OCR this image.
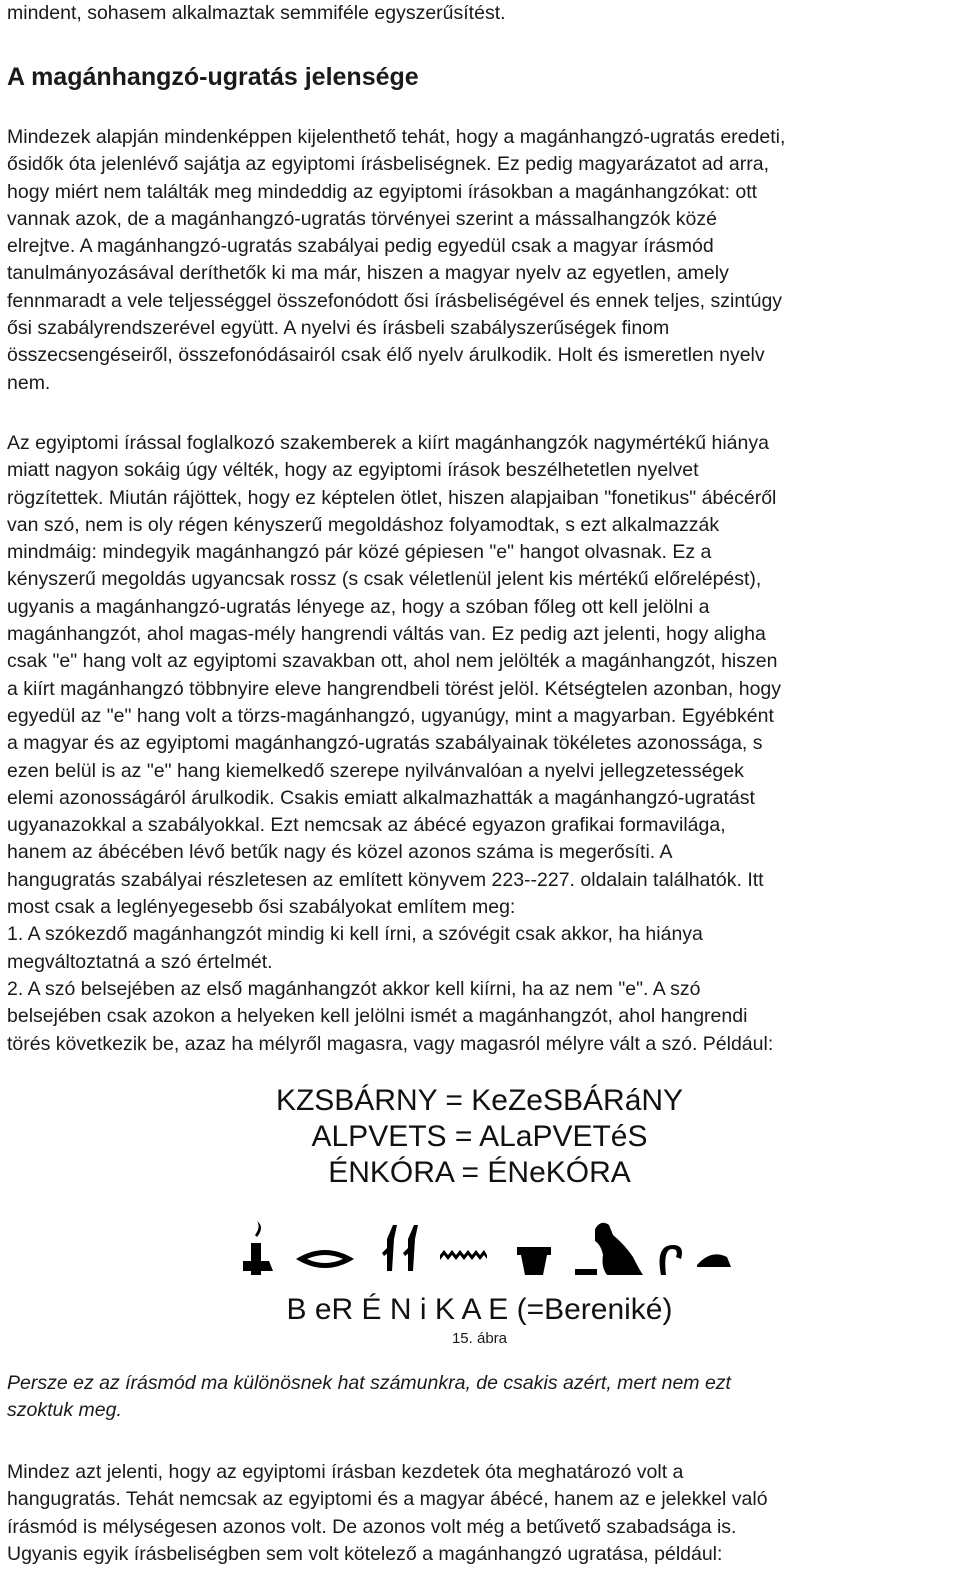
mindent, sohasem alkalmaztak semmiféle egyszerűsítést.

A magánhangzó-ugratás jelensége
Mindezek alapján mindenképpen kijelenthető tehát, hogy a magánhangzó-ugratás eredeti,
ősidők óta jelenlévő sajátja az egyiptomi írásbeliségnek. Ez pedig magyarázatot ad arra,
hogy miért nem találták meg mindeddig az egyiptomi írásokban a magánhangzókat: ott
vannak azok, de a magánhangzó-ugratás törvényei szerint a mássalhangzók közé
elrejtve. A magánhangzó-ugratás szabályai pedig egyedül csak a magyar írásmód
tanulmányozásával deríthetők ki ma már, hiszen a magyar nyelv az egyetlen, amely
fennmaradt a vele teljességgel összefonódott ősi írásbeliségével és ennek teljes, szintúgy
ősi szabályrendszerével együtt. A nyelvi és írásbeli szabályszerűségek finom
összecsengéseiről, összefonódásairól csak élő nyelv árulkodik. Holt és ismeretlen nyelv
nem.
Az egyiptomi írással foglalkozó szakemberek a kiírt magánhangzók nagymértékű hiánya
miatt nagyon sokáig úgy vélték, hogy az egyiptomi írások beszélhetetlen nyelvet
rögzítettek. Miután rájöttek, hogy ez képtelen ötlet, hiszen alapjaiban "fonetikus" ábécéről
van szó, nem is oly régen kényszerű megoldáshoz folyamodtak, s ezt alkalmazzák
mindmáig: mindegyik magánhangzó pár közé gépiesen "e" hangot olvasnak. Ez a
kényszerű megoldás ugyancsak rossz (s csak véletlenül jelent kis mértékű előrelépést),
ugyanis a magánhangzó-ugratás lényege az, hogy a szóban főleg ott kell jelölni a
magánhangzót, ahol magas-mély hangrendi váltás van. Ez pedig azt jelenti, hogy aligha
csak "e" hang volt az egyiptomi szavakban ott, ahol nem jelölték a magánhangzót, hiszen
a kiírt magánhangzó többnyire eleve hangrendbeli törést jelöl. Kétségtelen azonban, hogy
egyedül az "e" hang volt a törzs-magánhangzó, ugyanúgy, mint a magyarban. Egyébként
a magyar és az egyiptomi magánhangzó-ugratás szabályainak tökéletes azonossága, s
ezen belül is az "e" hang kiemelkedő szerepe nyilvánvalóan a nyelvi jellegzetességek
elemi azonosságáról árulkodik. Csakis emiatt alkalmazhatták a magánhangzó-ugratást
ugyanazokkal a szabályokkal. Ezt nemcsak az ábécé egyazon grafikai formavilága,
hanem az ábécében lévő betűk nagy és közel azonos száma is megerősíti. A
hangugratás szabályai részletesen az említett könyvem 223--227. oldalain találhatók. Itt
most csak a leglényegesebb ősi szabályokat említem meg:
1. A szókezdő magánhangzót mindig ki kell írni, a szóvégit csak akkor, ha hiánya
megváltoztatná a szó értelmét.
2. A szó belsejében az első magánhangzót akkor kell kiírni, ha az nem "e". A szó
belsejében csak azokon a helyeken kell jelölni ismét a magánhangzót, ahol hangrendi
törés következik be, azaz ha mélyről magasra, vagy magasról mélyre vált a szó. Például:

KZSBÁRNY = KeZeSBÁRáNY

ALPVETS = ALaPVETéS

ÉNKÓRA = ÉNeKÓRA

B eR É N i K A E (=Bereniké)
15. ábra
Persze ez az írásmód ma különösnek hat számunkra, de csakis azért, mert nem ezt
szoktuk meg.
Mindez azt jelenti, hogy az egyiptomi írásban kezdetek óta meghatározó volt a
hangugratás. Tehát nemcsak az egyiptomi és a magyar ábécé, hanem az e jelekkel való
írásmód is mélységesen azonos volt. De azonos volt még a betűvető szabadsága is.
Ugyanis egyik írásbeliségben sem volt kötelező a magánhangzó ugratása, például:
